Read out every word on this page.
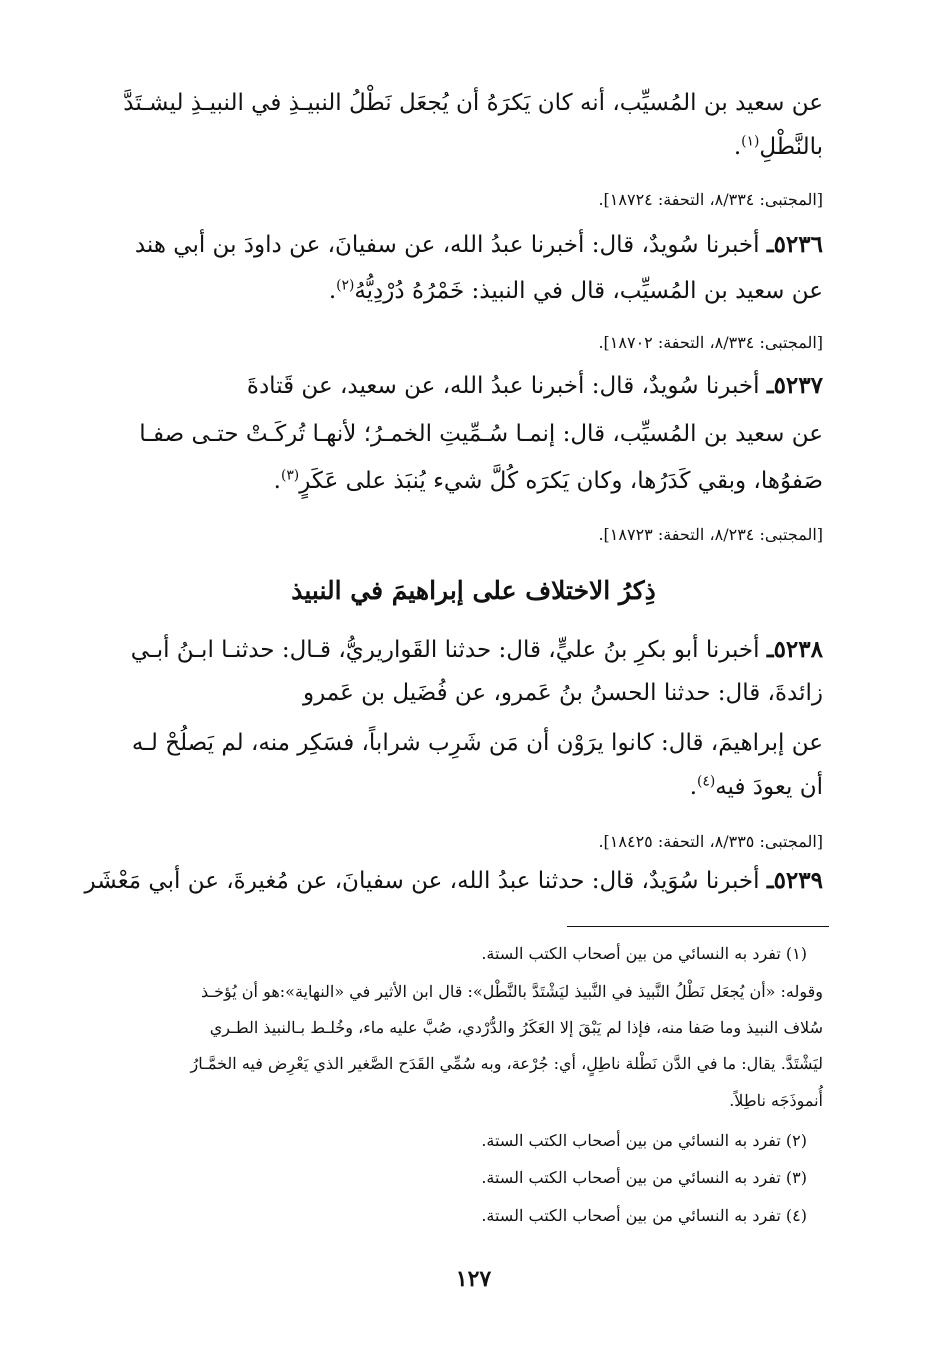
عن سعيد بن المُسيِّب، أنه كان يَكرَهُ أن يُجعَل نَطْلُ النبيـذِ في النبيـذِ ليشـتَدَّ
بالنَّطْلِ$^{(١)}$.
[المجتبى: ٨/٣٣٤، التحفة: ١٨٧٢٤].
٥٢٣٦ـ أخبرنا سُويدٌ، قال: أخبرنا عبدُ الله، عن سفيانَ، عن داودَ بن أبي هند
عن سعيد بن المُسيِّب، قال في النبيذ: خَمْرُهُ دُرْدِيُّهُ$^{(٢)}$.
[المجتبى: ٨/٣٣٤، التحفة: ١٨٧٠٢].
٥٢٣٧ـ أخبرنا سُويدٌ، قال: أخبرنا عبدُ الله، عن سعيد، عن قَتادةَ
عن سعيد بن المُسيِّب، قال: إنمـا سُـمِّيتِ الخمـرُ؛ لأنهـا تُركَـتْ حتـى صفـا
صَفوُها، وبقي كَدَرُها، وكان يَكرَه كُلَّ شيء يُنبَذ على عَكَرٍ$^{(٣)}$.
[المجتبى: ٨/٢٣٤، التحفة: ١٨٧٢٣].
ذِكرُ الاختلاف على إبراهيمَ في النبيذ
٥٢٣٨ـ أخبرنا أبو بكرِ بنُ عليٍّ، قال: حدثنا القَواريريُّ، قـال: حدثنـا ابـنُ أبـي
زائدةَ، قال: حدثنا الحسنُ بنُ عَمرو، عن فُضَيل بن عَمرو
عن إبراهيمَ، قال: كانوا يرَوْن أن مَن شَرِب شراباً، فسَكِر منه، لم يَصلُحْ لـه
أن يعودَ فيه$^{(٤)}$.
[المجتبى: ٨/٣٣٥، التحفة: ١٨٤٢٥].
٥٢٣٩ـ أخبرنا سُوَيدٌ، قال: حدثنا عبدُ الله، عن سفيانَ، عن مُغيرةَ، عن أبي مَعْشَر
(١) تفرد به النسائي من بين أصحاب الكتب الستة.
وقوله: «أن يُجعَل نَطْلُ النَّبيذ في النَّبيذ ليَشْتَدَّ بالنَّطْل»: قال ابن الأثير في «النهاية»:هو أن يُؤخـذ
سُلاف النبيذ وما صَفا منه، فإذا لم يَبْقَ إلا العَكَرُ والدُّرْدي، صُبَّ عليه ماء، وخُلـط بـالنبيذ الطـري
ليَشْتَدَّ. يقال: ما في الدَّن نَطْلة ناطِلٍ، أي: جُرْعة، وبه سُمِّي القَدَح الصَّغير الذي يَعْرِض فيه الخمَّـارُ
أُنموذَجَه ناطِلاً.
(٢) تفرد به النسائي من بين أصحاب الكتب الستة.
(٣) تفرد به النسائي من بين أصحاب الكتب الستة.
(٤) تفرد به النسائي من بين أصحاب الكتب الستة.
١٢٧
